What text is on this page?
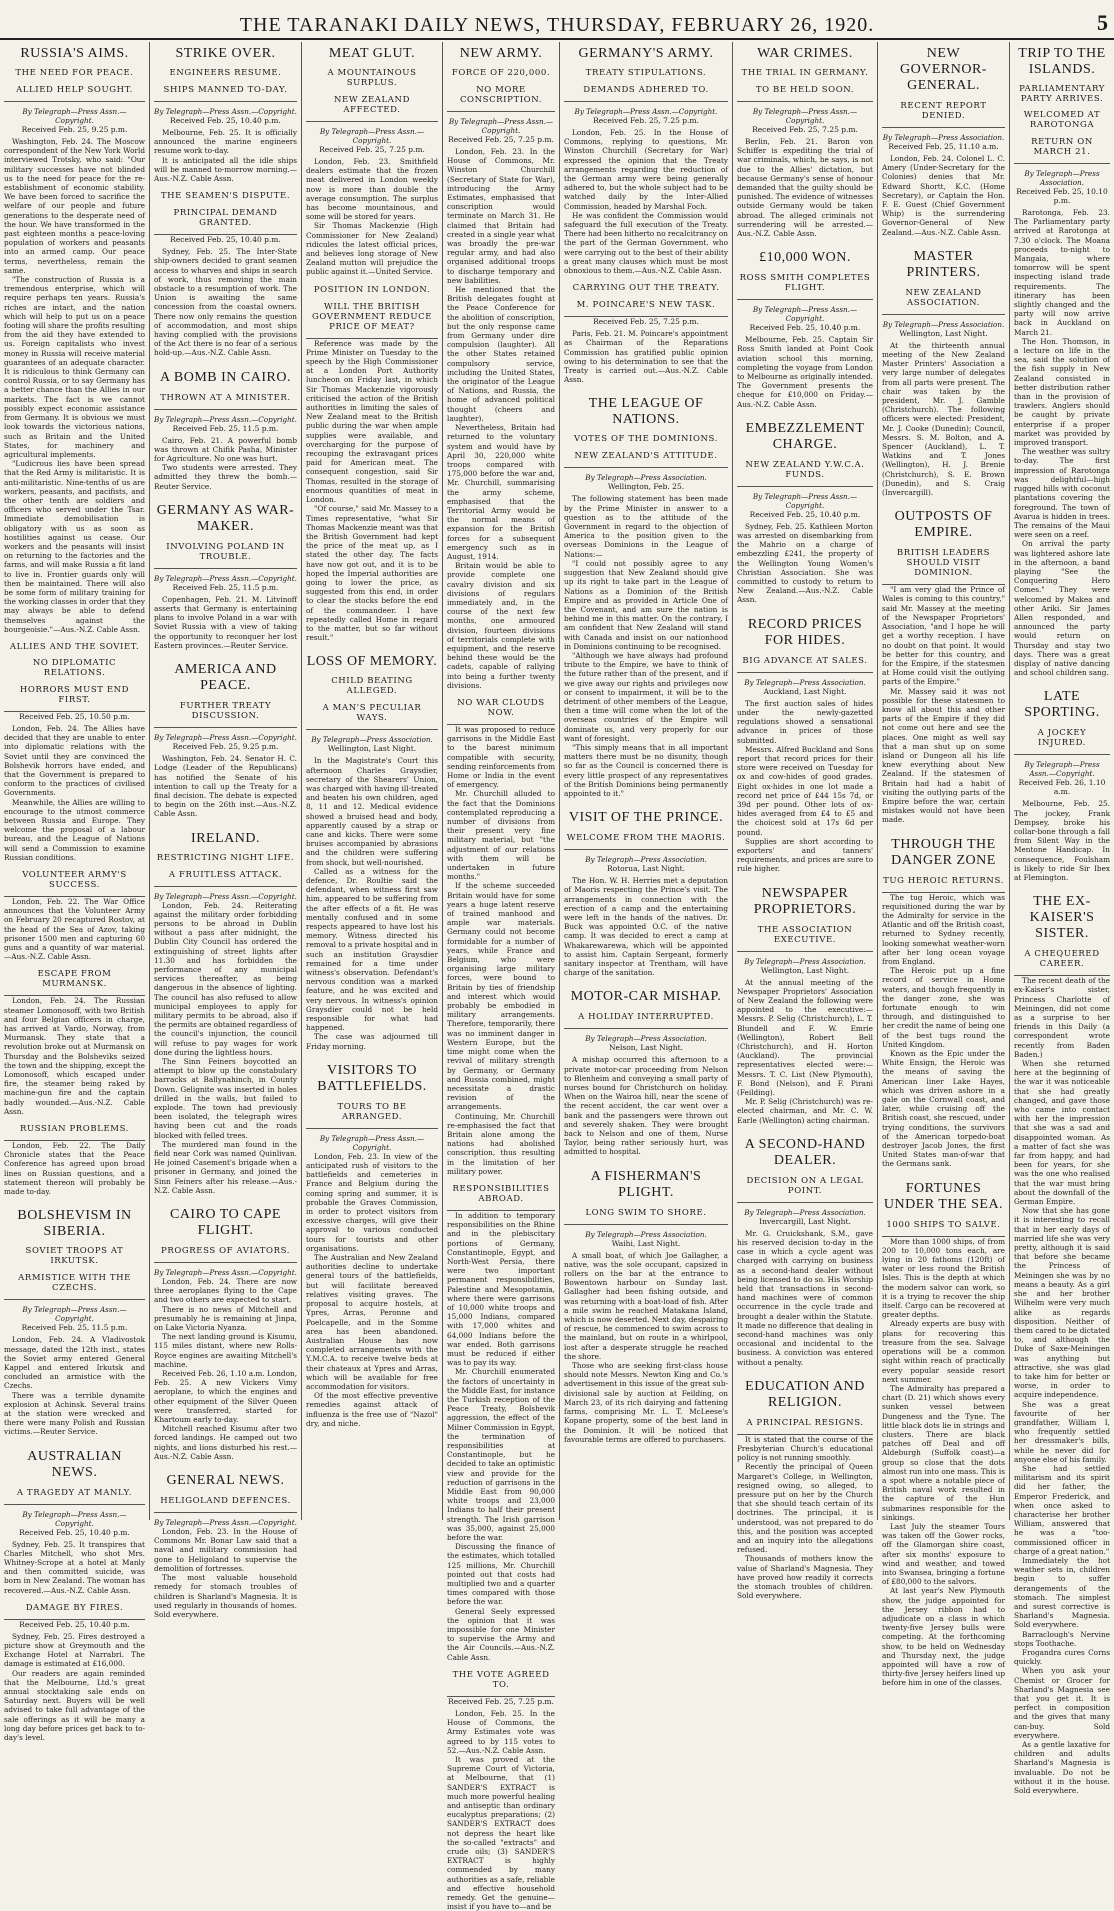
THE TARANAKI DAILY NEWS, THURSDAY, FEBRUARY 26, 1920.	5
RUSSIA'S AIMS.
THE NEED FOR PEACE.
ALLIED HELP SOUGHT.
By Telegraph—Press Assn.—Copyright.
Received Feb. 25, 9.25 p.m.

Washington, Feb. 24. The Moscow correspondent of the New York World interviewed Trotsky, who said: "Our military successes have not blinded us to the need for peace for the re-establishment of economic stability. We have been forced to sacrifice the welfare of our people and future generations to the desperate need of the hour. We have transformed in the past eighteen months a peace-loving population of workers and peasants into an armed camp. Our peace terms, nevertheless, remain the same.

"The construction of Russia is a tremendous enterprise, which will require perhaps ten years. Russia's riches are intact, and the nation which will help to put us on a peace footing will share the profits resulting from the aid they have extended to us. Foreign capitalists who invest money in Russia will receive material guarantees of an adequate character. It is ridiculous to think Germany can control Russia, or to say Germany has a better chance than the Allies in our markets. The fact is we cannot possibly expect economic assistance from Germany. It is obvious we must look towards the victorious nations, such as Britain and the United States, for machinery and agricultural implements.

"Ludicrous lies have been spread that the Red Army is militaristic. It is anti-militaristic. Nine-tenths of us are workers, peasants, and pacifists, and the other tenth are soldiers and officers who served under the Tsar. Immediate demobilisation is obligatory with us as soon as hostilities against us cease. Our workers and the peasants will insist on returning to the factories and the farms, and will make Russia a fit land to live in. Frontier guards only will then be maintained. There will also be some form of military training for the working classes in order that they may always be able to defend themselves against the bourgeoisie."—Aus.-N.Z. Cable Assn.

ALLIES AND THE SOVIET.
NO DIPLOMATIC RELATIONS.
HORRORS MUST END FIRST.
Received Feb. 25, 10.50 p.m.

London, Feb. 24. The Allies have decided that they are unable to enter into diplomatic relations with the Soviet until they are convinced the Bolshevik horrors have ended, and that the Government is prepared to conform to the practices of civilised Governments.

Meanwhile, the Allies are willing to encourage to the utmost commerce between Russia and Europe. They welcome the proposal of a labour bureau, and the League of Nations will send a Commission to examine Russian conditions.

VOLUNTEER ARMY'S SUCCESS.

London, Feb. 22. The War Office announces that the Volunteer Army on February 20 recaptured Rostov, at the head of the Sea of Azov, taking prisoner 1500 men and capturing 60 guns and a quantity of war material.—Aus.-N.Z. Cable Assn.

ESCAPE FROM MURMANSK.

London, Feb. 24. The Russian steamer Lomonosoff, with two British and four Belgian officers in charge, has arrived at Vardo, Norway, from Murmansk. They state that a revolution broke out at Murmansk on Thursday and the Bolsheviks seized the town and the shipping, except the Lomonosoff, which escaped under fire, the steamer being raked by machine-gun fire and the captain badly wounded.—Aus.-N.Z. Cable Assn.

RUSSIAN PROBLEMS.

London, Feb. 22. The Daily Chronicle states that the Peace Conference has agreed upon broad lines on Russian questions, and a statement thereon will probably be made to-day.

BOLSHEVISM IN SIBERIA.
SOVIET TROOPS AT IRKUTSK.
ARMISTICE WITH THE CZECHS.
By Telegraph—Press Assn.—Copyright.
Received Feb. 25, 11.5 p.m.

London, Feb. 24. A Vladivostok message, dated the 12th inst., states the Soviet army entered General Kappel and entered Irkutsk and concluded an armistice with the Czechs.

There was a terrible dynamite explosion at Achinsk. Several trains at the station were wrecked and there were many Polish and Russian victims.—Reuter Service.

AUSTRALIAN NEWS.
A TRAGEDY AT MANLY.
By Telegraph—Press Assn.—Copyright.
Received Feb. 25, 10.40 p.m.

Sydney, Feb. 25. It transpires that Charles Mitchell, who shot Mrs. Whitney-Scrope at a hotel at Manly and then committed suicide, was born in New Zealand. The woman has recovered.—Aus.-N.Z. Cable Assn.

DAMAGE BY FIRES.
Received Feb. 25, 10.40 p.m.

Sydney, Feb. 25. Fires destroyed a picture show at Greymouth and the Exchange Hotel at Narrabri. The damage is estimated at £16,000.

Our readers are again reminded that the Melbourne, Ltd.'s great annual stocktaking sale ends on Saturday next. Buyers will be well advised to take full advantage of the sale offerings as it will be many a long day before prices get back to to-day's level.

STRIKE OVER.
ENGINEERS RESUME.
SHIPS MANNED TO-DAY.
By Telegraph—Press Assn.—Copyright.
Received Feb. 25, 10.40 p.m.

Melbourne, Feb. 25. It is officially announced the marine engineers resume work to-day.

It is anticipated all the idle ships will be manned to-morrow morning.—Aus.-N.Z. Cable Assn.

THE SEAMEN'S DISPUTE.
PRINCIPAL DEMAND GRANTED.
Received Feb. 25, 10.40 p.m.

Sydney, Feb. 25. The Inter-State ship-owners decided to grant seamen access to wharves and ships in search of work, thus removing the main obstacle to a resumption of work. The Union is awaiting the same concession from the coastal owners. There now only remains the question of accommodation, and most ships having complied with the provisions of the Act there is no fear of a serious hold-up.—Aus.-N.Z. Cable Assn.

A BOMB IN CAIRO.
THROWN AT A MINISTER.
By Telegraph—Press Assn.—Copyright.
Received Feb. 25, 11.5 p.m.

Cairo, Feb. 21. A powerful bomb was thrown at Chifik Pasha, Minister for Agriculture. No one was hurt.

Two students were arrested. They admitted they threw the bomb.—Reuter Service.

GERMANY AS WAR-MAKER.
INVOLVING POLAND IN TROUBLE.
By Telegraph—Press Assn.—Copyright.
Received Feb. 25, 11.5 p.m.

Copenhagen, Feb. 21. M. Litvinoff asserts that Germany is entertaining plans to involve Poland in a war with Soviet Russia with a view of taking the opportunity to reconquer her lost Eastern provinces.—Reuter Service.

AMERICA AND PEACE.
FURTHER TREATY DISCUSSION.
By Telegraph—Press Assn.—Copyright.
Received Feb. 25, 9.25 p.m.

Washington, Feb. 24. Senator H. C. Lodge (Leader of the Republicans) has notified the Senate of his intention to call up the Treaty for a final decision. The debate is expected to begin on the 26th inst.—Aus.-N.Z. Cable Assn.

IRELAND.
RESTRICTING NIGHT LIFE.
A FRUITLESS ATTACK.
By Telegraph—Press Assn.—Copyright.

London, Feb. 24. Reiterating against the military order forbidding persons to be abroad in Dublin without a pass after midnight, the Dublin City Council has ordered the extinguishing of street lights after 11.30 and has forbidden the performance of any municipal services thereafter, as being dangerous in the absence of lighting. The council has also refused to allow municipal employees to apply for military permits to be abroad, also if the permits are obtained regardless of the council's injunction, the council will refuse to pay wages for work done during the lightless hours.

The Sinn Feiners boycotted an attempt to blow up the constabulary barracks at Ballynahinch, in County Down. Gelignite was inserted in holes drilled in the walls, but failed to explode. The town had previously been isolated, the telegraph wires having been cut and the roads blocked with felled trees.

The murdered man found in the field near Cork was named Quinlivan. He joined Casement's brigade when a prisoner in Germany, and joined the Sinn Feiners after his release.—Aus.-N.Z. Cable Assn.

CAIRO TO CAPE FLIGHT.
PROGRESS OF AVIATORS.
By Telegraph—Press Assn.—Copyright.

London, Feb. 24. There are now three aeroplanes flying to the Cape and two others are expected to start.

There is no news of Mitchell and presumably he is remaining at Jinpa, on Lake Victoria Nyanza.

The next landing ground is Kisumu, 115 miles distant, where new Rolls-Royce engines are awaiting Mitchell's machine.

Received Feb. 26, 1.10 a.m. London, Feb. 25. A new Vickers Vimy aeroplane, to which the engines and other equipment of the Silver Queen were transferred, started for Khartoum early to-day.

Mitchell reached Kisumu after two forced landings. He camped out two nights, and lions disturbed his rest.—Aus.-N.Z. Cable Assn.

GENERAL NEWS.
HELIGOLAND DEFENCES.
By Telegraph—Press Assn.—Copyright.

London, Feb. 23. In the House of Commons Mr. Bonar Law said that a naval and military commission had gone to Heligoland to supervise the demolition of fortresses.

The most valuable household remedy for stomach troubles of children is Sharland's Magnesia. It is used regularly in thousands of homes. Sold everywhere.

MEAT GLUT.
A MOUNTAINOUS SURPLUS.
NEW ZEALAND AFFECTED.
By Telegraph—Press Assn.—Copyright.
Received Feb. 25, 7.25 p.m.

London, Feb. 23. Smithfield dealers estimate that the frozen meat delivered in London weekly now is more than double the average consumption. The surplus has become mountainous, and some will be stored for years.

Sir Thomas Mackenzie (High Commissioner for New Zealand) ridicules the latest official prices, and believes long storage of New Zealand mutton will prejudice the public against it.—United Service.

POSITION IN LONDON.
WILL THE BRITISH GOVERNMENT REDUCE PRICE OF MEAT?

Reference was made by the Prime Minister on Tuesday to the speech by the High Commissioner at a London Port Authority luncheon on Friday last, in which Sir Thomas Mackenzie vigorously criticised the action of the British authorities in limiting the sales of New Zealand meat to the British public during the war when ample supplies were available, and overcharging for the purpose of recouping the extravagant prices paid for American meat. The consequent congestion, said Sir Thomas, resulted in the storage of enormous quantities of meat in London.

"Of course," said Mr. Massey to a Times representative, "what Sir Thomas Mackenzie meant was that the British Government had kept the price of the meat up, as I stated the other day. The facts have now got out, and it is to be hoped the Imperial authorities are going to lower the price, as suggested from this end, in order to clear the stocks before the end of the commandeer. I have repeatedly called Home in regard to the matter, but so far without result."

LOSS OF MEMORY.
CHILD BEATING ALLEGED.
A MAN'S PECULIAR WAYS.
By Telegraph—Press Association.
Wellington, Last Night.

In the Magistrate's Court this afternoon Charles Graysdier, secretary of the Shearers' Union, was charged with having ill-treated and beaten his own children, aged 8, 11 and 12. Medical evidence showed a bruised head and body, apparently caused by a strap or cane and kicks. There were some bruises accompanied by abrasions and the children were suffering from shock, but well-nourished.

Called as a witness for the defence, Dr. Roultie said the defendant, when witness first saw him, appeared to be suffering from the after effects of a fit. He was mentally confused and in some respects appeared to have lost his memory. Witness directed his removal to a private hospital and in such an institution Graysdier remained for a time under witness's observation. Defendant's nervous condition was a marked feature, and he was excited and very nervous. In witness's opinion Graysdier could not be held responsible for what had happened.

The case was adjourned till Friday morning.

VISITORS TO BATTLEFIELDS.
TOURS TO BE ARRANGED.
By Telegraph—Press Assn.—Copyright.

London, Feb. 23. In view of the anticipated rush of visitors to the battlefields and cemeteries in France and Belgium during the coming spring and summer, it is probable the Graves Commission, in order to protect visitors from excessive charges, will give their approval to various conducted tours for tourists and other organisations.

The Australian and New Zealand authorities decline to undertake general tours of the battlefields, but will facilitate bereaved relatives visiting graves. The proposal to acquire hostels, at Ypres, Arras, Peronne and Poelcapelle, and in the Somme area has been abandoned. Australian House has now completed arrangements with the Y.M.C.A. to receive twelve beds at their chateaux at Ypres and Arras, which will be available for free accommodation for visitors.

Of the most effective preventive remedies against attack of influenza is the free use of "Nazol" dry, and niche.

NEW ARMY.
FORCE OF 220,000.
NO MORE CONSCRIPTION.
By Telegraph—Press Assn.—Copyright.
Received Feb. 25, 7.25 p.m.

London, Feb. 23. In the House of Commons, Mr. Winston Churchill (Secretary of State for War), introducing the Army Estimates, emphasised that conscription would terminate on March 31. He claimed that Britain had created in a single year what was broadly the pre-war regular army, and had also organised additional troops to discharge temporary and new liabilities.

He mentioned that the British delegates fought at the Peace Conference for the abolition of conscription, but the only response came from Germany under dire compulsion (laughter). All the other States retained compulsory service, including the United States, the originator of the League of Nations, and Russia, the home of advanced political thought (cheers and laughter).

Nevertheless, Britain had returned to the voluntary system and would have by April 30, 220,000 white troops compared with 175,000 before the war and, Mr. Churchill, summarising the army scheme, emphasised that the Territorial Army would be the normal means of expansion for the British forces for a subsequent emergency such as in August, 1914.

Britain would be able to provide complete one cavalry division and six divisions of regulars immediately and, in the course of the next few months, one armoured division, fourteen divisions of territorials complete with equipment, and the reserve behind these would be the cadets, capable of rallying into being a further twenty divisions.

NO WAR CLOUDS NOW.

It was proposed to reduce garrisons in the Middle East to the barest minimum compatible with security, sending reinforcements from Home or India in the event of emergency.

Mr. Churchill alluded to the fact that the Dominions contemplated reproducing a number of divisions from their present very fine military material, but "the adjustment of our relations with them will be undertaken in future months."

If the scheme succeeded Britain would have for some years a huge latent reserve of trained manhood and ample war materials. Germany could not become formidable for a number of years, while France and Belgium, who were organising large military forces, were bound to Britain by ties of friendship and interest which would probably be embodied in military arrangements. Therefore, temporarily, there was no imminent danger in Western Europe, but the time might come when the revival of military strength by Germany, or Germany and Russia combined, might necessitate a drastic revision of the arrangements.

Continuing, Mr. Churchill re-emphasised the fact that Britain alone among the nations had abolished conscription, thus resulting in the limitation of her military power.

RESPONSIBILITIES ABROAD.

In addition to temporary responsibilities on the Rhine and in the plebiscitary portions of Germany, Constantinople, Egypt, and North-West Persia, there were two important permanent responsibilities, Palestine and Mesopotamia, where there were garrisons of 10,000 white troops and 15,000 Indians, compared with 17,000 whites and 64,000 Indians before the war ended. Both garrisons must be reduced if either was to pay its way.

Mr. Churchill enumerated the factors of uncertainty in the Middle East, for instance the Turkish reception of the Peace Treaty, Bolshevik aggression, the effect of the Milner Commission in Egypt, the termination of responsibilities at Constantinople, but he decided to take an optimistic view and provide for the reduction of garrisons in the Middle East from 90,000 white troops and 23,000 Indians to half their present strength. The Irish garrison was 35,000, against 25,000 before the war.

Discussing the finance of the estimates, which totalled 125 millions, Mr. Churchill pointed out that costs had multiplied two and a quarter times compared with those before the war.

General Seely expressed the opinion that it was impossible for one Minister to supervise the Army and the Air Councils.—Aus.-N.Z. Cable Assn.

THE VOTE AGREED TO.
Received Feb. 25, 7.25 p.m.

London, Feb. 25. In the House of Commons, the Army Estimates vote was agreed to by 115 votes to 52.—Aus.-N.Z. Cable Assn.

It was proved at the Supreme Court of Victoria, at Melbourne, that (1) SANDER'S EXTRACT is much more powerful healing and antiseptic than ordinary eucalyptus preparations; (2) SANDER'S EXTRACT does not depress the heart like the so-called "extracts" and crude oils; (3) SANDER'S EXTRACT is highly commended by many authorities as a safe, reliable and effective household remedy. Get the genuine—insist if you have to—and be

GERMANY'S ARMY.
TREATY STIPULATIONS.
DEMANDS ADHERED TO.
By Telegraph—Press Assn.—Copyright.
Received Feb. 25, 7.25 p.m.

London, Feb. 25. In the House of Commons, replying to questions, Mr. Winston Churchill (Secretary for War) expressed the opinion that the Treaty arrangements regarding the reduction of the German army were being generally adhered to, but the whole subject had to be watched daily by the Inter-Allied Commission, headed by Marshal Foch.

He was confident the Commission would safeguard the full execution of the Treaty. There had been hitherto no recalcitrancy on the part of the German Government, who were carrying out to the best of their ability a great many clauses which must be most obnoxious to them.—Aus.-N.Z. Cable Assn.

CARRYING OUT THE TREATY.
M. POINCARE'S NEW TASK.
Received Feb. 25, 7.25 p.m.

Paris, Feb. 21. M. Poincare's appointment as Chairman of the Reparations Commission has gratified public opinion owing to his determination to see that the Treaty is carried out.—Aus.-N.Z. Cable Assn.

THE LEAGUE OF NATIONS.
VOTES OF THE DOMINIONS.
NEW ZEALAND'S ATTITUDE.
By Telegraph—Press Association.
Wellington, Feb. 25.

The following statement has been made by the Prime Minister in answer to a question as to the attitude of the Government in regard to the objection of America to the position given to the overseas Dominions in the League of Nations:—

"I could not possibly agree to any suggestion that New Zealand should give up its right to take part in the League of Nations as a Dominion of the British Empire and as provided in Article One of the Covenant, and am sure the nation is behind me in this matter. On the contrary, I am confident that New Zealand will stand with Canada and insist on our nationhood in Dominions continuing to be recognised.

"Although we have always had profound tribute to the Empire, we have to think of the future rather than of the present, and if we give away our rights and privileges now or consent to impairment, it will be to the detriment of other members of the League, then a time will come when the lot of the overseas countries of the Empire will dominate us, and very properly for our want of foresight.

"This simply means that in all important matters there must be no disunity, though so far as the Council is concerned there is every little prospect of any representatives of the British Dominions being permanently appointed to it."

VISIT OF THE PRINCE.
WELCOME FROM THE MAORIS.
By Telegraph—Press Association.
Rotorua, Last Night.

The Hon. W. H. Herries met a deputation of Maoris respecting the Prince's visit. The arrangements in connection with the erection of a camp and the entertaining were left in the hands of the natives. Dr. Buck was appointed O.C. of the native camp. It was decided to erect a camp at Whakarewarewa, which will be appointed to assist him. Captain Sergeant, formerly sanitary inspector at Trentham, will have charge of the sanitation.

MOTOR-CAR MISHAP.
A HOLIDAY INTERRUPTED.
By Telegraph—Press Association.
Nelson, Last Night.

A mishap occurred this afternoon to a private motor-car proceeding from Nelson to Blenheim and conveying a small party of nurses bound for Christchurch on holiday. When on the Wairoa hill, near the scene of the recent accident, the car went over a bank and the passengers were thrown out and severely shaken. They were brought back to Nelson and one of them, Nurse Taylor, being rather seriously hurt, was admitted to hospital.

A FISHERMAN'S PLIGHT.
LONG SWIM TO SHORE.
By Telegraph—Press Association.
Waihi, Last Night.

A small boat, of which Joe Gallagher, a native, was the sole occupant, capsized in rollers on the bar at the entrance to Bowentown harbour on Sunday last. Gallagher had been fishing outside, and was returning with a boat-load of fish. After a mile swim he reached Matakana Island, which is now deserted. Next day, despairing of rescue, he commenced to swim across to the mainland, but on route in a whirlpool, lost after a desperate struggle he reached the shore.

Those who are seeking first-class house should note Messrs. Newton King and Co.'s advertisement in this issue of the great sub-divisional sale by auction at Feilding, on March 23, of its rich dairying and fattening farms, comprising Mr. L. T. McLeese's Kopane property, some of the best land in the Dominion. It will be noticed that favourable terms are offered to purchasers.

WAR CRIMES.
THE TRIAL IN GERMANY.
TO BE HELD SOON.
By Telegraph—Press Assn.—Copyright.
Received Feb. 25, 7.25 p.m.

Berlin, Feb. 21. Baron von Schiffer is expediting the trial of war criminals, which, he says, is not due to the Allies' dictation, but because Germany's sense of honour demanded that the guilty should be punished. The evidence of witnesses outside Germany would be taken abroad. The alleged criminals not surrendering will be arrested.—Aus.-N.Z. Cable Assn.

£10,000 WON.
ROSS SMITH COMPLETES FLIGHT.
By Telegraph—Press Assn.—Copyright.
Received Feb. 25, 10.40 p.m.

Melbourne, Feb. 25. Captain Sir Ross Smith landed at Point Cook aviation school this morning, completing the voyage from London to Melbourne as originally intended. The Government presents the cheque for £10,000 on Friday.—Aus.-N.Z. Cable Assn.

EMBEZZLEMENT CHARGE.
NEW ZEALAND Y.W.C.A. FUNDS.
By Telegraph—Press Assn.—Copyright.
Received Feb. 25, 10.40 p.m.

Sydney, Feb. 25. Kathleen Morton was arrested on disembarking from the Mahrio on a charge of embezzling £241, the property of the Wellington Young Women's Christian Association. She was committed to custody to return to New Zealand.—Aus.-N.Z. Cable Assn.

RECORD PRICES FOR HIDES.
BIG ADVANCE AT SALES.
By Telegraph—Press Association.
Auckland, Last Night.

The first auction sales of hides under the newly-gazetted regulations showed a sensational advance in prices of those submitted.

Messrs. Alfred Buckland and Sons report that record prices for their store were received on Tuesday for ox and cow-hides of good grades. Eight ox-hides in one lot made a record net price of £44 15s 7d, or 39d per pound. Other lots of ox-hides averaged from £4 to £5 and the choicest sold at 17s 6d per pound.

Supplies are short according to exporters' and tanners' requirements, and prices are sure to rule higher.

NEWSPAPER PROPRIETORS.
THE ASSOCIATION EXECUTIVE.
By Telegraph—Press Association.
Wellington, Last Night.

At the annual meeting of the Newspaper Proprietors' Association of New Zealand the following were appointed to the executive:—Messrs. P. Selig (Christchurch), L. T. Blundell and F. W. Emrie (Wellington), Robert Bell (Christchurch), and H. Horton (Auckland). The provincial representatives elected were:—Messrs. T. C. List (New Plymouth), F. Bond (Nelson), and F. Pirani (Feilding).

Mr. P. Selig (Christchurch) was re-elected chairman, and Mr. C. W. Earle (Wellington) acting chairman.

A SECOND-HAND DEALER.
DECISION ON A LEGAL POINT.
By Telegraph—Press Association.
Invercargill, Last Night.

Mr. G. Cruickshank, S.M., gave his reserved decision to-day in the case in which a cycle agent was charged with carrying on business as a second-hand dealer without being licensed to do so. His Worship held that transactions in second-hand machines were of common occurrence in the cycle trade and brought a dealer within the Statute. It made no difference that dealing in second-hand machines was only occasional and incidental to the business. A conviction was entered without a penalty.

EDUCATION AND RELIGION.
A PRINCIPAL RESIGNS.

It is stated that the course of the Presbyterian Church's educational policy is not running smoothly.

Recently the principal of Queen Margaret's College, in Wellington, resigned owing, so alleged, to pressure put on her by the Church that she should teach certain of its doctrines. The principal, it is understood, was not prepared to do this, and the position was accepted and an inquiry into the allegations refused.

Thousands of mothers know the value of Sharland's Magnesia. They have proved how readily it corrects the stomach troubles of children. Sold everywhere.

NEW GOVERNOR-GENERAL.
RECENT REPORT DENIED.
By Telegraph—Press Association.
Received Feb. 25, 11.10 a.m.

London, Feb. 24. Colonel L. C. Amery (Under-Secretary for the Colonies) denies that Mr. Edward Shortt, K.C. (Home Secretary), or Captain the Hon. F. E. Guest (Chief Government Whip) is the surrendering Governor-General of New Zealand.—Aus.-N.Z. Cable Assn.

MASTER PRINTERS.
NEW ZEALAND ASSOCIATION.
By Telegraph—Press Association.
Wellington, Last Night.

At the thirteenth annual meeting of the New Zealand Master Printers' Association a very large number of delegates from all parts were present. The chair was taken by the president, Mr. J. Gamble (Christchurch). The following officers were elected: President, Mr. J. Cooke (Dunedin); Council, Messrs. S. M. Bolton, and A. Spencer (Auckland), L. T. Watkins and T. Jones (Wellington), H. J. Brenie (Christchurch), S. E. Brown (Dunedin), and S. Craig (Invercargill).

OUTPOSTS OF EMPIRE.
BRITISH LEADERS SHOULD VISIT DOMINION.

"I am very glad the Prince of Wales is coming to this country," said Mr. Massey at the meeting of the Newspaper Proprietors' Association, "and I hope he will get a worthy reception. I have no doubt on that point. It would be better for this country, and for the Empire, if the statesmen at Home could visit the outlying parts of the Empire."

Mr. Massey said it was not possible for these statesmen to know all about this and other parts of the Empire if they did not come out here and see the places. One might as well say that a man shut up on some island or Dungeon all his life knew everything about New Zealand. If the statesmen of Britain had had a habit of visiting the outlying parts of the Empire before the war, certain mistakes would not have been made.

THROUGH THE DANGER ZONE
TUG HEROIC RETURNS.

The tug Heroic, which was requisitioned during the war by the Admiralty for service in the Atlantic and off the British coast, returned to Sydney recently, looking somewhat weather-worn after her long ocean voyage from England.

The Heroic put up a fine record of service in Home waters, and though frequently in the danger zone, she was fortunate enough to win through, and distinguished to her credit the name of being one of the best tugs round the United Kingdom.

Known as the Epic under the White Ensign, the Heroic was the means of saving the American liner Lake Hayes, which was driven ashore in a gale on the Cornwall coast, and later, while cruising off the British coast, she rescued, under trying conditions, the survivors of the American torpedo-boat destroyer Jacob Jones, the first United States man-of-war that the Germans sank.

FORTUNES UNDER THE SEA.
1000 SHIPS TO SALVE.

More than 1000 ships, of from 200 to 10,000 tons each, are lying in 20 fathoms (120ft) of water or less round the British Isles. This is the depth at which the modern salvor can work, so it is a trying to recover the ship itself. Cargo can be recovered at greater depths.

Already experts are busy with plans for recovering this treasure from the sea. Salvage operations will be a common sight within reach of practically every popular seaside resort next summer.

The Admiralty has prepared a chart (D. 21) which shows every sunken vessel between Dungeness and the Tyne. The little black dots lie in strings and clusters. There are black patches off Deal and off Aldeburgh (Suffolk coast)—a group so close that the dots almost run into one mass. This is a spot where a notable piece of British naval work resulted in the capture of the Hun submarines responsible for the sinkings.

Last July the steamer Tours was taken off the Gower rocks, off the Glamorgan shire coast, after six months' exposure to wind and weather, and towed into Swansea, bringing a fortune of £80,000 to the salvors.

At last year's New Plymouth show, the judge appointed for the Jersey ribbon had to adjudicate on a class in which twenty-five Jersey bulls were competing. At the forthcoming show, to be held on Wednesday and Thursday next, the judge appointed will have a row of thirty-five Jersey heifers lined up before him in one of the classes.

TRIP TO THE ISLANDS.
PARLIAMENTARY PARTY ARRIVES.
WELCOMED AT RAROTONGA
RETURN ON MARCH 21.
By Telegraph—Press Association.
Received Feb. 25, 10.10 p.m.

Rarotonga, Feb. 23. The Parliamentary party arrived at Rarotonga at 7.30 o'clock. The Moana proceeds to-night to Mangaia, where tomorrow will be spent inspecting island trade requirements. The itinerary has been slightly changed and the party will now arrive back in Auckland on March 21.

The Hon. Thomson, in a lecture on life in the sea, said the solution of the fish supply in New Zealand consisted in better distribution rather than in the provision of trawlers. Anglers should be caught by private enterprise if a proper market was provided by improved transport.

The weather was sultry to-day. The first impression of Rarotonga was delightful—high rugged hills with coconut plantations covering the foreground. The town of Avarua is hidden in trees. The remains of the Maui were seen on a reef.

On arrival the party was lightered ashore late in the afternoon, a band playing "See the Conquering Hero Comes." They were welcomed by Makea and other Ariki. Sir James Allen responded, and announced the party would return on Thursday and stay two days. There was a great display of native dancing and school children sang.

LATE SPORTING.
A JOCKEY INJURED.
By Telegraph—Press Assn.—Copyright.
Received Feb. 26, 1.10 a.m.

Melbourne, Feb. 25. The jockey, Frank Dempsey, broke his collar-bone through a fall from Silent Way in the Mentone Handicap. In consequence, Foulsham is likely to ride Sir Ibex at Flemington.

THE EX-KAISER'S SISTER.
A CHEQUERED CAREER.

The recent death of the ex-Kaiser's sister, Princess Charlotte of Meiningen, did not come as a surprise to her friends in this Daily (a correspondent wrote recently from Baden Baden.)

When she returned here at the beginning of the war it was noticeable that she had greatly changed, and gave those who came into contact with her the impression that she was a sad and disappointed woman. As a matter of fact she was far from happy, and had been for years, for she was the one who realised that the war must bring about the downfall of the German Empire.

Now that she has gone it is interesting to recall that in her early days of married life she was very pretty, although it is said that before she became the Princess of Meiningen she was by no means a beauty. As a girl she and her brother Wilhelm were very much alike as regards disposition. Neither of them cared to be dictated to, and although the Duke of Saxe-Meiningen was anything but attractive, she was glad to take him for better or worse, in order to acquire independence.

She was a great favourite of her grandfather, William I, who frequently settled her dressmaker's bills, while he never did for anyone else of his family.

She had settled militarism and its spirit did her father, the Emperor Frederick, and when once asked to characterise her brother William, answered that he was a "too-commissioned officer in charge of a great nation."

Immediately the hot weather sets in, children begin to suffer derangements of the stomach. The simplest and surest corrective is Sharland's Magnesia. Sold everywhere.

Barraclough's Nervine stops Toothache.

Frogandra cures Corns quickly.

When you ask your Chemist or Grocer for Sharland's Magnesia see that you get it. It is perfect in composition and the gives that many can-buy. Sold everywhere.

As a gentle laxative for children and adults Sharland's Magnesia is invaluable. Do not be without it in the house. Sold everywhere.
